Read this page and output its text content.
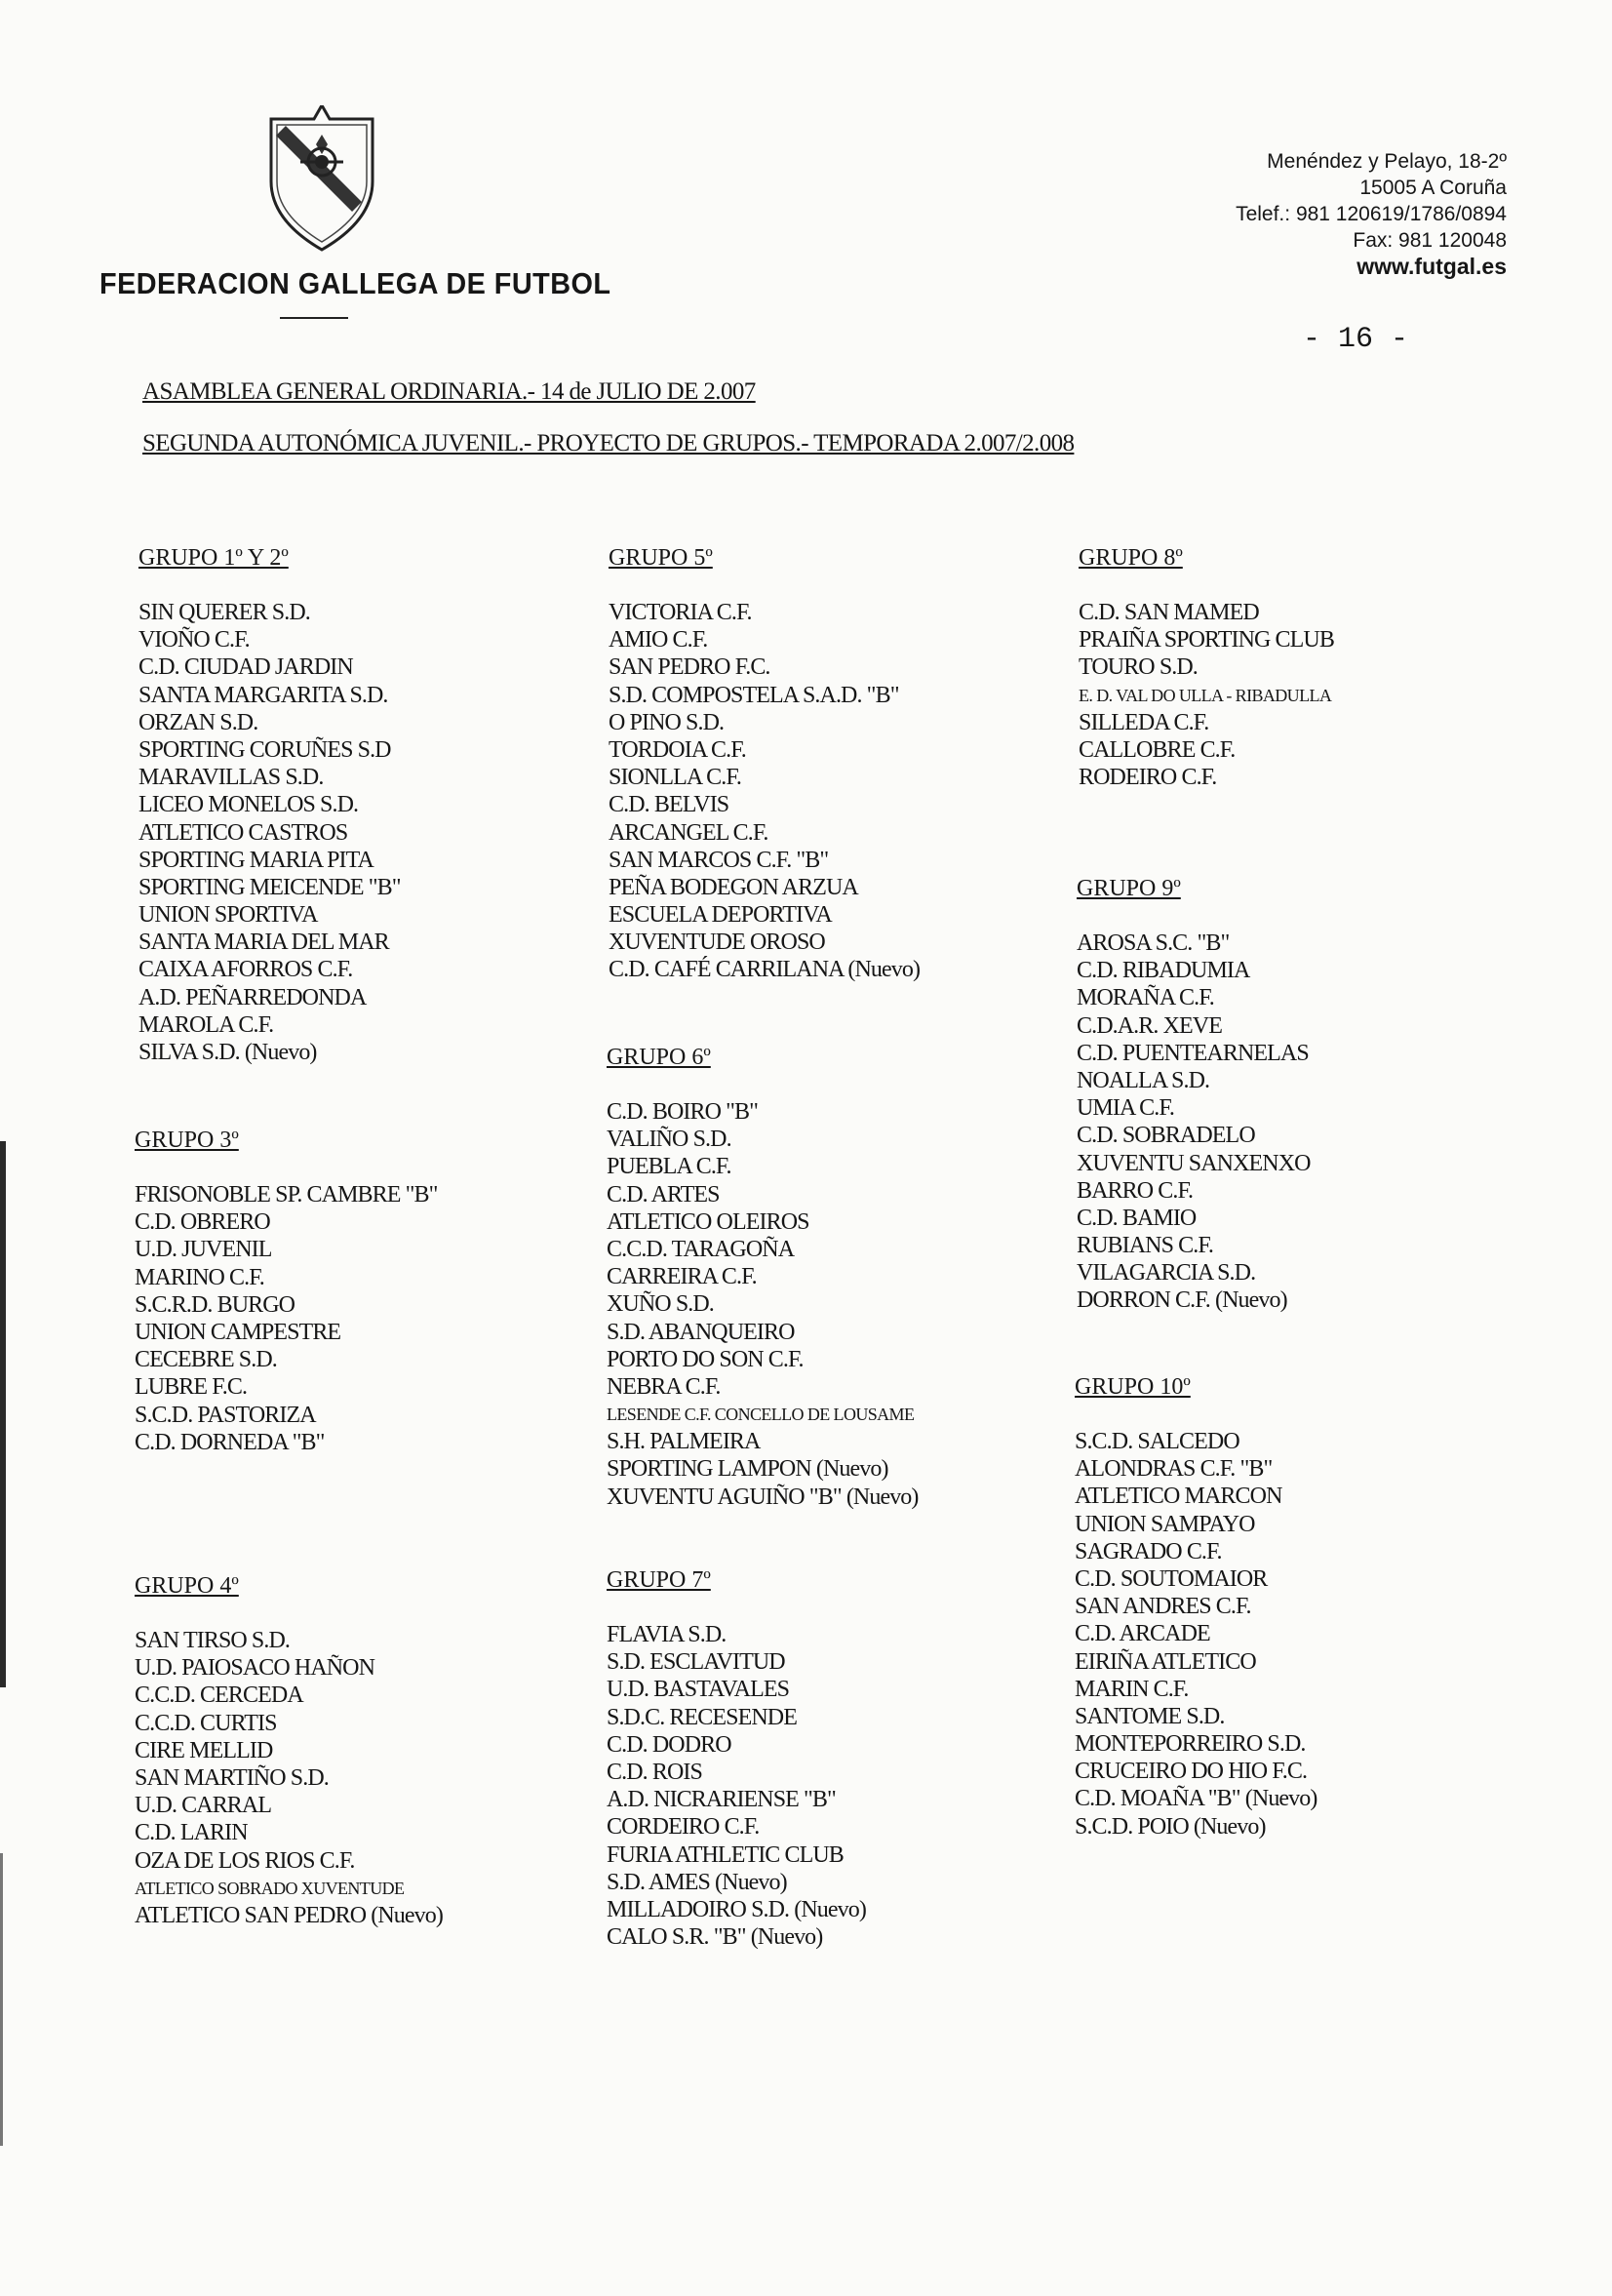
FEDERACION GALLEGA DE FUTBOL
Menéndez y Pelayo, 18-2º
15005 A Coruña
Telef.: 981 120619/1786/0894
Fax: 981 120048
www.futgal.es
- 16 -
ASAMBLEA GENERAL ORDINARIA.- 14 de JULIO DE 2.007
SEGUNDA AUTONÓMICA JUVENIL.- PROYECTO DE GRUPOS.- TEMPORADA 2.007/2.008
GRUPO 1º Y 2º
SIN QUERER S.D.
VIOÑO C.F.
C.D. CIUDAD JARDIN
SANTA MARGARITA S.D.
ORZAN S.D.
SPORTING CORUÑES S.D
MARAVILLAS S.D.
LICEO MONELOS S.D.
ATLETICO CASTROS
SPORTING MARIA PITA
SPORTING MEICENDE "B"
UNION SPORTIVA
SANTA MARIA DEL MAR
CAIXA AFORROS C.F.
A.D. PEÑARREDONDA
MAROLA C.F.
SILVA S.D. (Nuevo)
GRUPO 3º
FRISONOBLE SP. CAMBRE "B"
C.D. OBRERO
U.D. JUVENIL
MARINO C.F.
S.C.R.D. BURGO
UNION CAMPESTRE
CECEBRE S.D.
LUBRE F.C.
S.C.D. PASTORIZA
C.D. DORNEDA "B"
GRUPO 4º
SAN TIRSO S.D.
U.D. PAIOSACO HAÑON
C.C.D. CERCEDA
C.C.D. CURTIS
CIRE MELLID
SAN MARTIÑO S.D.
U.D. CARRAL
C.D. LARIN
OZA DE LOS RIOS C.F.
ATLETICO SOBRADO XUVENTUDE
ATLETICO SAN PEDRO (Nuevo)
GRUPO 5º
VICTORIA C.F.
AMIO C.F.
SAN PEDRO F.C.
S.D. COMPOSTELA S.A.D. "B"
O PINO S.D.
TORDOIA C.F.
SIONLLA C.F.
C.D. BELVIS
ARCANGEL C.F.
SAN MARCOS C.F. "B"
PEÑA BODEGON ARZUA
ESCUELA DEPORTIVA
XUVENTUDE OROSO
C.D. CAFÉ CARRILANA (Nuevo)
GRUPO 6º
C.D. BOIRO "B"
VALIÑO S.D.
PUEBLA C.F.
C.D. ARTES
ATLETICO OLEIROS
C.C.D. TARAGOÑA
CARREIRA C.F.
XUÑO S.D.
S.D. ABANQUEIRO
PORTO DO SON C.F.
NEBRA C.F.
LESENDE C.F. CONCELLO DE LOUSAME
S.H. PALMEIRA
SPORTING LAMPON (Nuevo)
XUVENTU AGUIÑO "B" (Nuevo)
GRUPO 7º
FLAVIA S.D.
S.D. ESCLAVITUD
U.D. BASTAVALES
S.D.C. RECESENDE
C.D. DODRO
C.D. ROIS
A.D. NICRARIENSE "B"
CORDEIRO C.F.
FURIA ATHLETIC CLUB
S.D. AMES (Nuevo)
MILLADOIRO S.D. (Nuevo)
CALO S.R. "B" (Nuevo)
GRUPO 8º
C.D. SAN MAMED
PRAIÑA SPORTING CLUB
TOURO S.D.
E. D. VAL DO ULLA - RIBADULLA
SILLEDA C.F.
CALLOBRE C.F.
RODEIRO C.F.
GRUPO 9º
AROSA S.C. "B"
C.D. RIBADUMIA
MORAÑA C.F.
C.D.A.R. XEVE
C.D. PUENTEARNELAS
NOALLA S.D.
UMIA C.F.
C.D. SOBRADELO
XUVENTU SANXENXO
BARRO C.F.
C.D. BAMIO
RUBIANS C.F.
VILAGARCIA S.D.
DORRON C.F. (Nuevo)
GRUPO 10º
S.C.D. SALCEDO
ALONDRAS C.F. "B"
ATLETICO MARCON
UNION SAMPAYO
SAGRADO C.F.
C.D. SOUTOMAIOR
SAN ANDRES C.F.
C.D. ARCADE
EIRIÑA ATLETICO
MARIN C.F.
SANTOME S.D.
MONTEPORREIRO S.D.
CRUCEIRO DO HIO F.C.
C.D. MOAÑA "B" (Nuevo)
S.C.D. POIO (Nuevo)
